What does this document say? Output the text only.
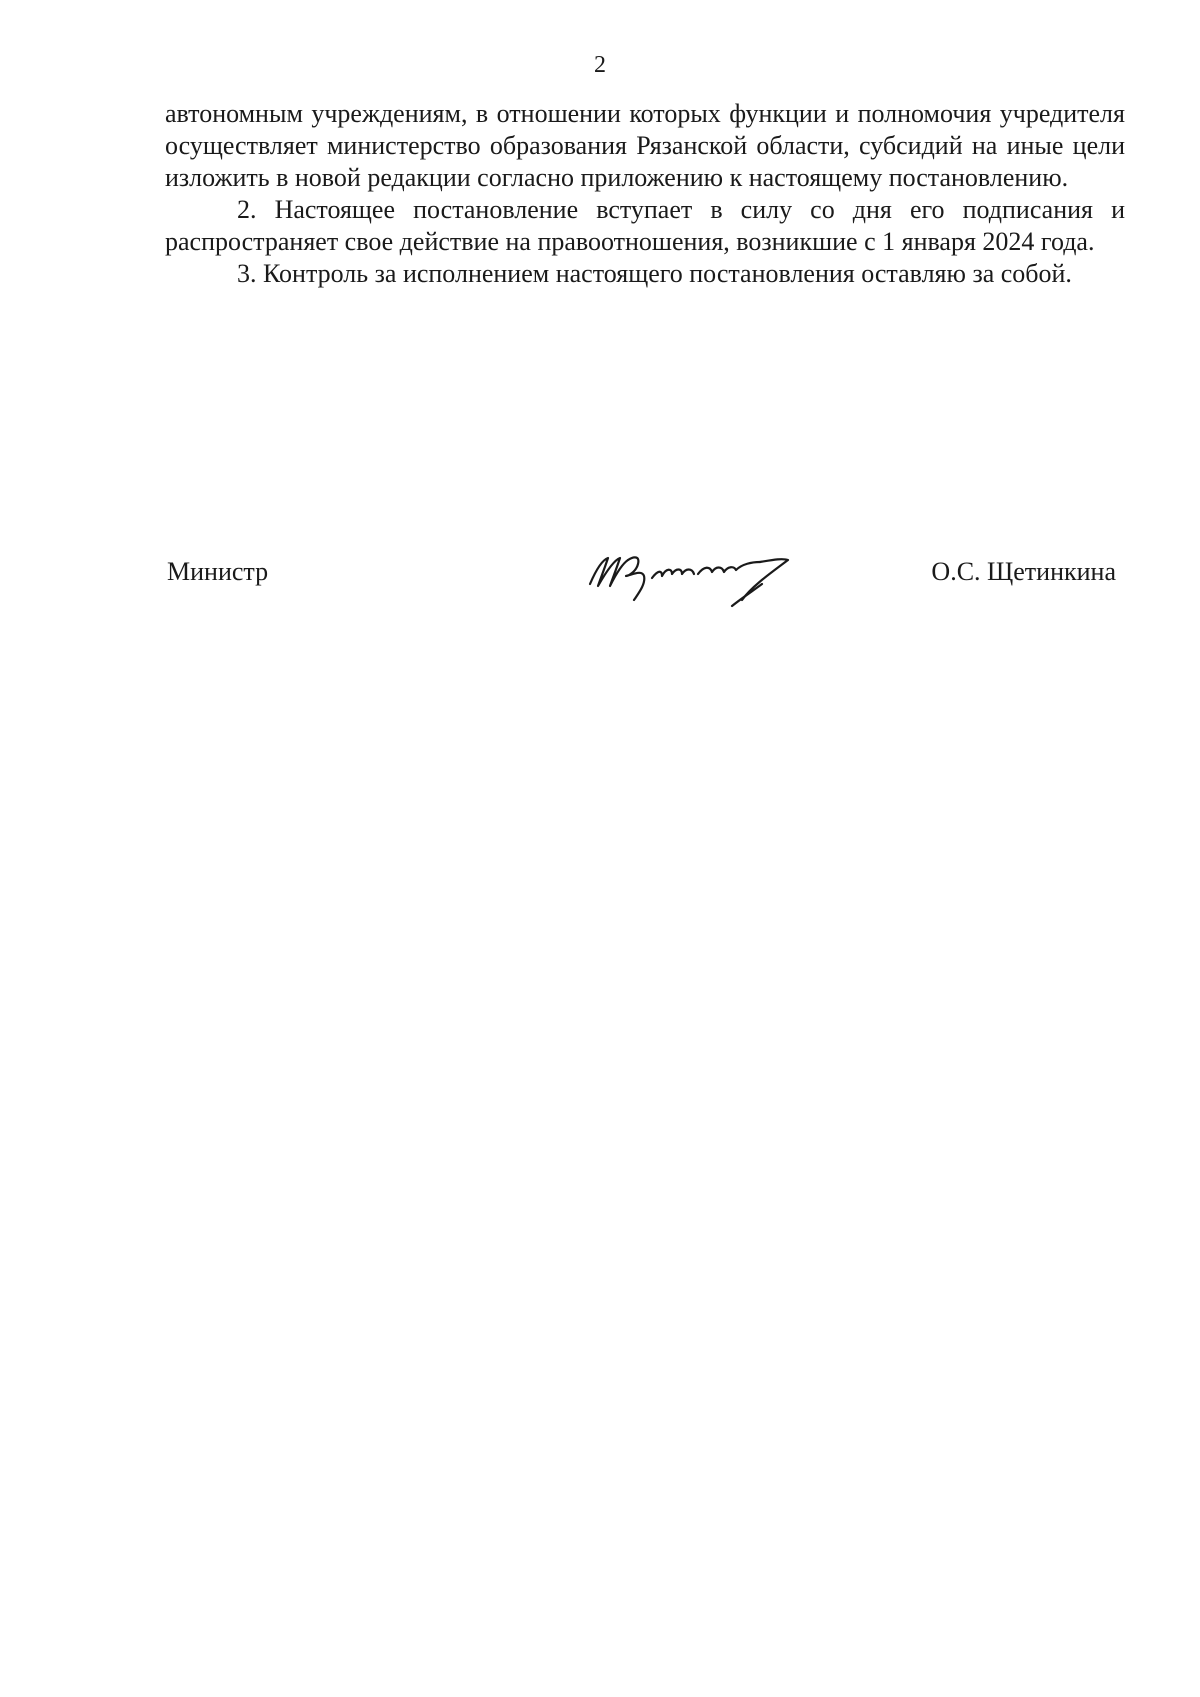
2

автономным учреждениям, в отношении которых функции и полномочия учредителя осуществляет министерство образования Рязанской области, субсидий на иные цели изложить в новой редакции согласно приложению к настоящему постановлению.

2. Настоящее постановление вступает в силу со дня его подписания и распространяет свое действие на правоотношения, возникшие с 1 января 2024 года.

3. Контроль за исполнением настоящего постановления оставляю за собой.

Министр	О.С. Щетинкина
